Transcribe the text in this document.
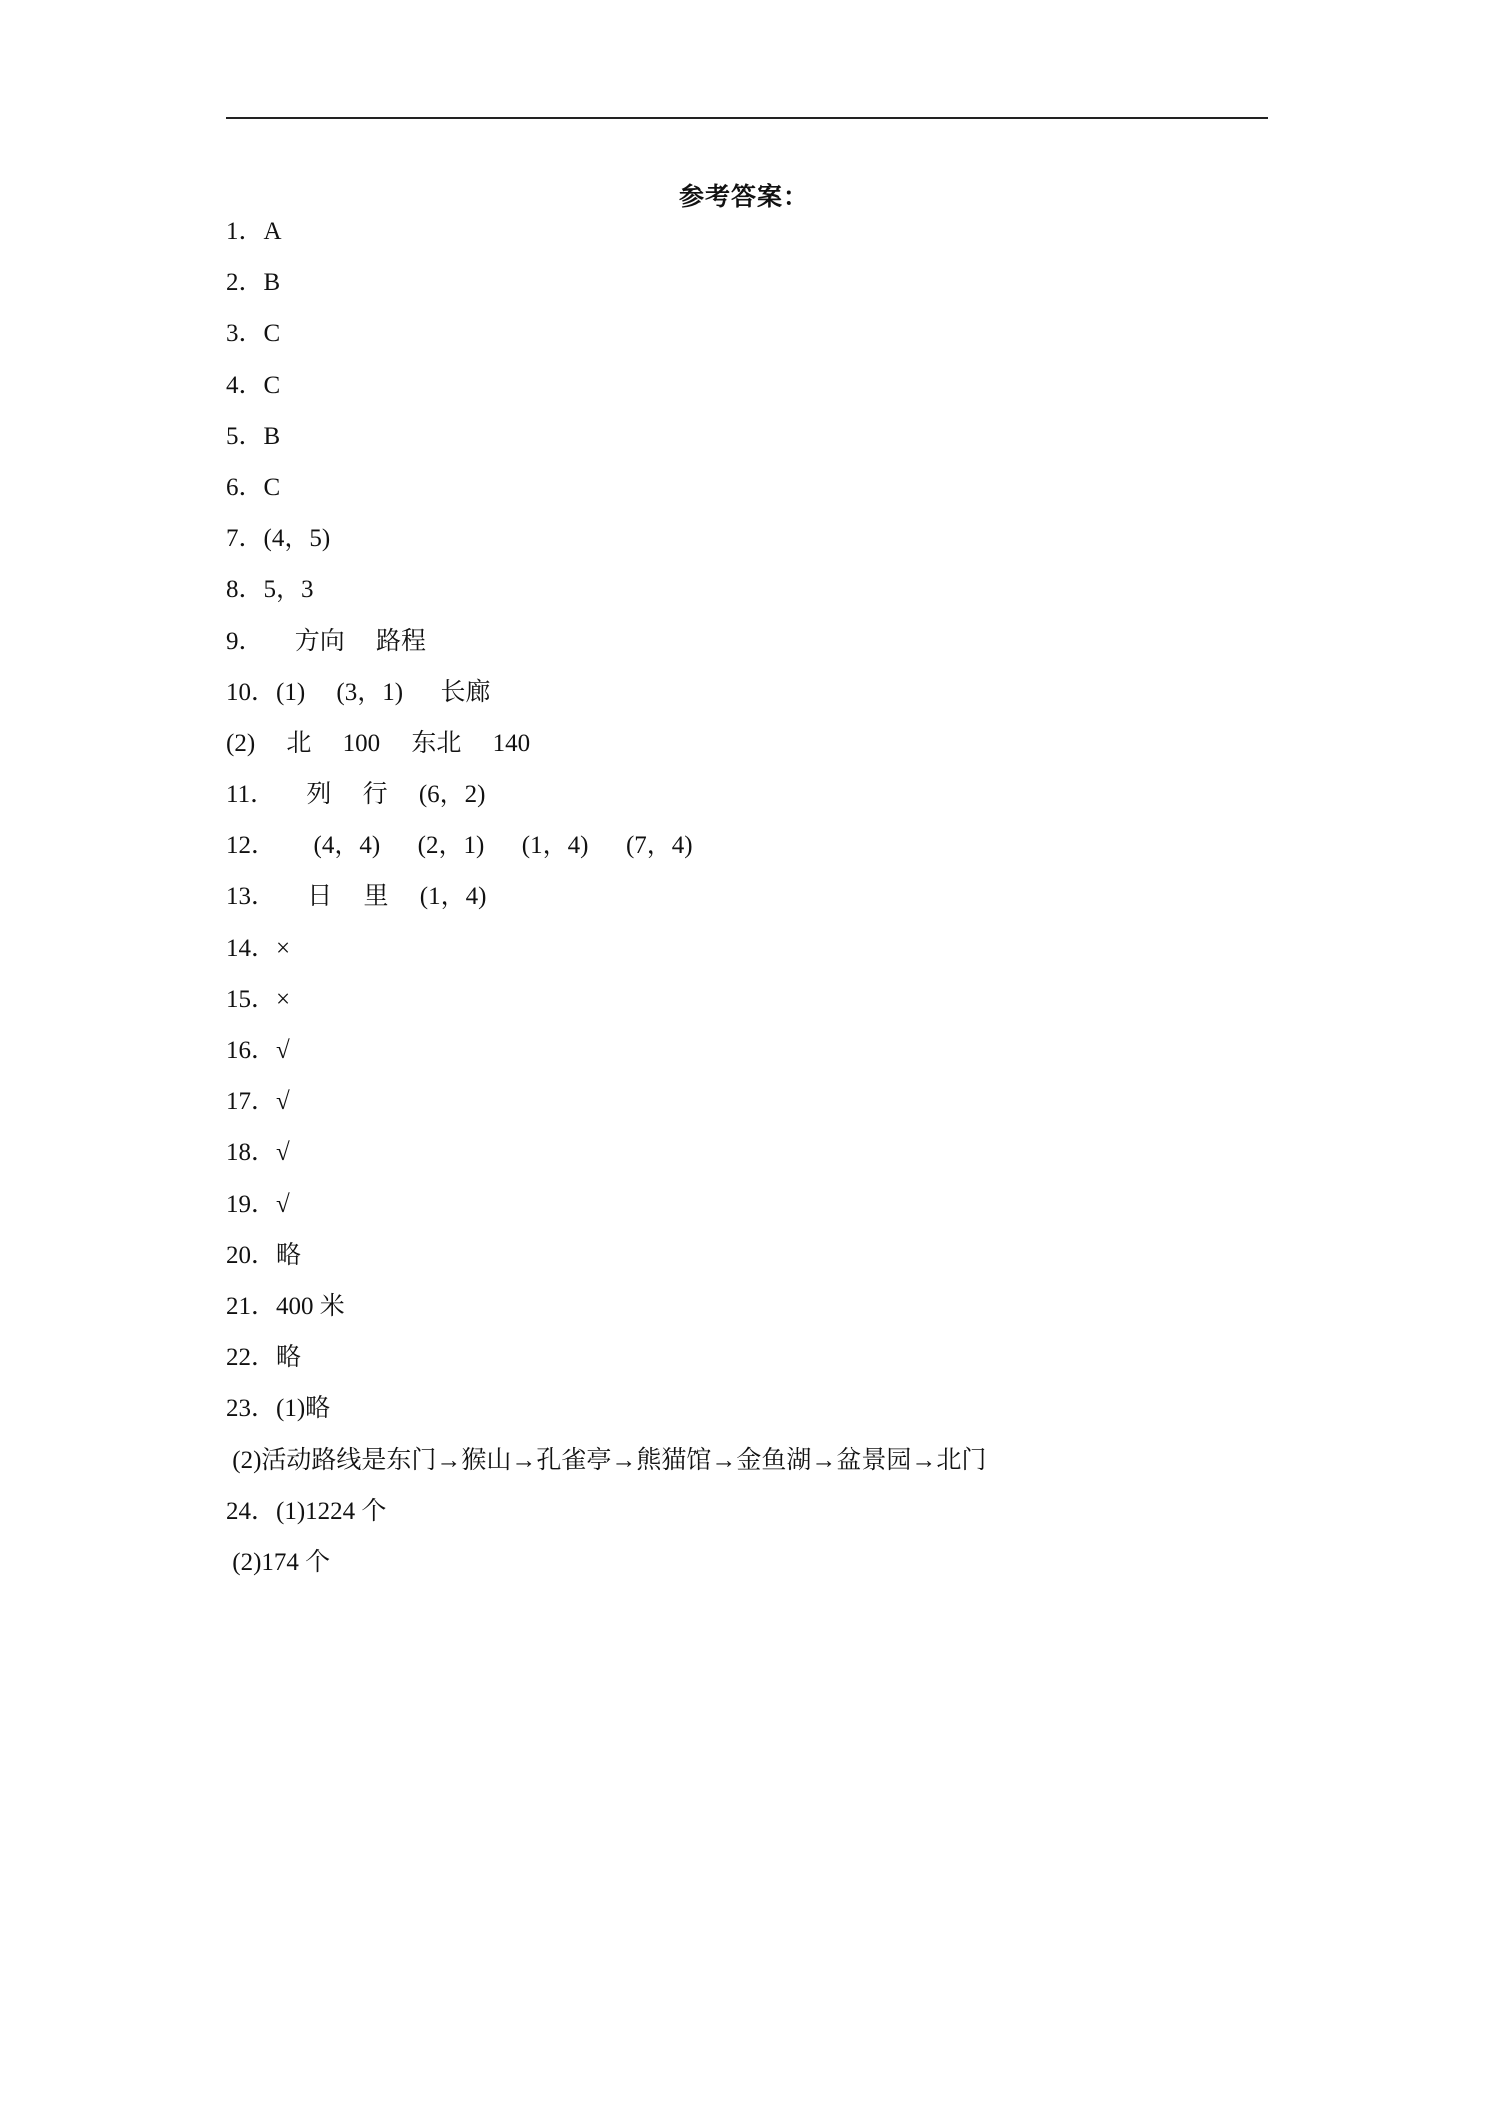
参考答案：
1．A
2．B
3．C
4．C
5．B
6．C
7．(4，5)
8．5，3
9．     方向     路程
10．(1)     (3，1)      长廊
(2)     北     100     东北     140
11．     列     行     (6，2)
12．      (4，4)      (2，1)      (1，4)      (7，4)
13．     日     里     (1，4)
14．×
15．×
16．√
17．√
18．√
19．√
20．略
21．400 米
22．略
23．(1)略
(2)活动路线是东门→猴山→孔雀亭→熊猫馆→金鱼湖→盆景园→北门
24．(1)1224 个
(2)174 个
